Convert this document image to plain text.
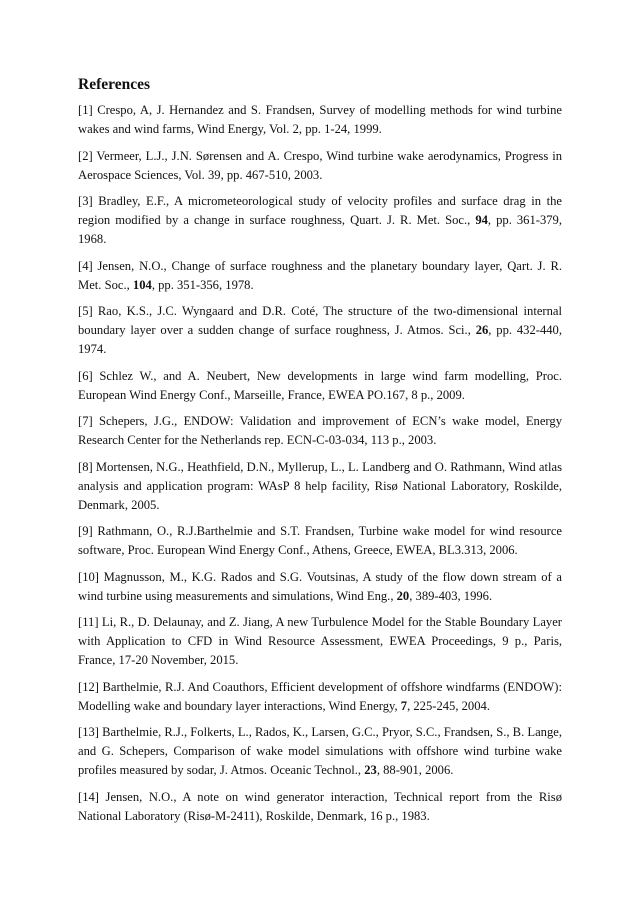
References
[1] Crespo, A, J. Hernandez and S. Frandsen, Survey of modelling methods for wind turbine wakes and wind farms, Wind Energy, Vol. 2, pp. 1-24, 1999.
[2] Vermeer, L.J., J.N. Sørensen and A. Crespo, Wind turbine wake aerodynamics, Progress in Aerospace Sciences, Vol. 39, pp. 467-510, 2003.
[3] Bradley, E.F., A micrometeorological study of velocity profiles and surface drag in the region modified by a change in surface roughness, Quart. J. R. Met. Soc., 94, pp. 361-379, 1968.
[4] Jensen, N.O., Change of surface roughness and the planetary boundary layer, Qart. J. R. Met. Soc., 104, pp. 351-356, 1978.
[5] Rao, K.S., J.C. Wyngaard and D.R. Coté, The structure of the two-dimensional internal boundary layer over a sudden change of surface roughness, J. Atmos. Sci., 26, pp. 432-440, 1974.
[6] Schlez W., and A. Neubert, New developments in large wind farm modelling, Proc. European Wind Energy Conf., Marseille, France, EWEA PO.167, 8 p., 2009.
[7] Schepers, J.G., ENDOW: Validation and improvement of ECN’s wake model, Energy Research Center for the Netherlands rep. ECN-C-03-034, 113 p., 2003.
[8] Mortensen, N.G., Heathfield, D.N., Myllerup, L., L. Landberg and O. Rathmann, Wind atlas analysis and application program: WAsP 8 help facility, Risø National Laboratory, Roskilde, Denmark, 2005.
[9] Rathmann, O., R.J.Barthelmie and S.T. Frandsen, Turbine wake model for wind resource software, Proc. European Wind Energy Conf., Athens, Greece, EWEA, BL3.313, 2006.
[10] Magnusson, M., K.G. Rados and S.G. Voutsinas, A study of the flow down stream of a wind turbine using measurements and simulations, Wind Eng., 20, 389-403, 1996.
[11] Li, R., D. Delaunay, and Z. Jiang, A new Turbulence Model for the Stable Boundary Layer with Application to CFD in Wind Resource Assessment, EWEA Proceedings, 9 p., Paris, France, 17-20 November, 2015.
[12] Barthelmie, R.J. And Coauthors, Efficient development of offshore windfarms (ENDOW): Modelling wake and boundary layer interactions, Wind Energy, 7, 225-245, 2004.
[13] Barthelmie, R.J., Folkerts, L., Rados, K., Larsen, G.C., Pryor, S.C., Frandsen, S., B. Lange, and G. Schepers, Comparison of wake model simulations with offshore wind turbine wake profiles measured by sodar, J. Atmos. Oceanic Technol., 23, 88-901, 2006.
[14] Jensen, N.O., A note on wind generator interaction, Technical report from the Risø National Laboratory (Risø-M-2411), Roskilde, Denmark, 16 p., 1983.
